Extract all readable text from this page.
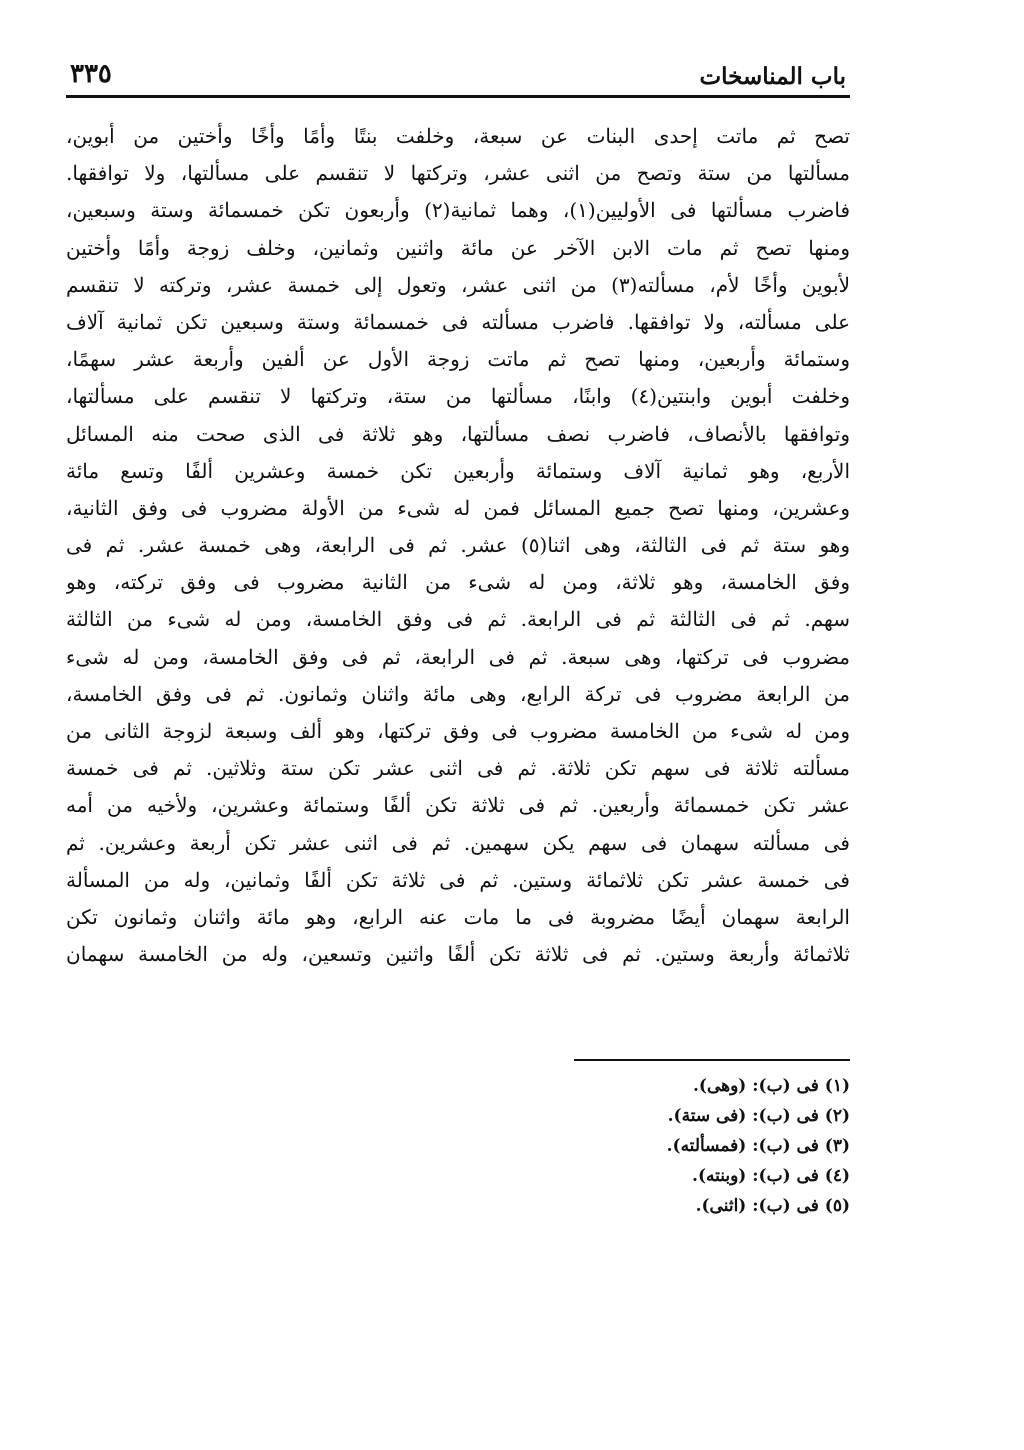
باب المناسخات
٣٣٥
تصح ثم ماتت إحدى البنات عن سبعة، وخلفت بنتًا وأمًا وأخًا وأختين من أبوين،
مسألتها من ستة وتصح من اثنى عشر، وتركتها لا تنقسم على مسألتها، ولا توافقها.
فاضرب مسألتها فى الأوليين(١)، وهما ثمانية(٢) وأربعون تكن خمسمائة وستة وسبعين،
ومنها تصح ثم مات الابن الآخر عن مائة واثنين وثمانين، وخلف زوجة وأمًا وأختين
لأبوين وأخًا لأم، مسألته(٣) من اثنى عشر، وتعول إلى خمسة عشر، وتركته لا تنقسم
على مسألته، ولا توافقها. فاضرب مسألته فى خمسمائة وستة وسبعين تكن ثمانية آلاف
وستمائة وأربعين، ومنها تصح ثم ماتت زوجة الأول عن ألفين وأربعة عشر سهمًا،
وخلفت أبوين وابنتين(٤) وابنًا، مسألتها من ستة، وتركتها لا تنقسم على مسألتها،
وتوافقها بالأنصاف، فاضرب نصف مسألتها، وهو ثلاثة فى الذى صحت منه المسائل
الأربع، وهو ثمانية آلاف وستمائة وأربعين تكن خمسة وعشرين ألفًا وتسع مائة
وعشرين، ومنها تصح جميع المسائل فمن له شىء من الأولة مضروب فى وفق الثانية،
وهو ستة ثم فى الثالثة، وهى اثنا(٥) عشر. ثم فى الرابعة، وهى خمسة عشر. ثم فى
وفق الخامسة، وهو ثلاثة، ومن له شىء من الثانية مضروب فى وفق تركته، وهو
سهم. ثم فى الثالثة ثم فى الرابعة. ثم فى وفق الخامسة، ومن له شىء من الثالثة
مضروب فى تركتها، وهى سبعة. ثم فى الرابعة، ثم فى وفق الخامسة، ومن له شىء
من الرابعة مضروب فى تركة الرابع، وهى مائة واثنان وثمانون. ثم فى وفق الخامسة،
ومن له شىء من الخامسة مضروب فى وفق تركتها، وهو ألف وسبعة لزوجة الثانى من
مسألته ثلاثة فى سهم تكن ثلاثة. ثم فى اثنى عشر تكن ستة وثلاثين. ثم فى خمسة
عشر تكن خمسمائة وأربعين. ثم فى ثلاثة تكن ألفًا وستمائة وعشرين، ولأخيه من أمه
فى مسألته سهمان فى سهم يكن سهمين. ثم فى اثنى عشر تكن أربعة وعشرين. ثم
فى خمسة عشر تكن ثلاثمائة وستين. ثم فى ثلاثة تكن ألفًا وثمانين، وله من المسألة
الرابعة سهمان أيضًا مضروبة فى ما مات عنه الرابع، وهو مائة واثنان وثمانون تكن
ثلاثمائة وأربعة وستين. ثم فى ثلاثة تكن ألفًا واثنين وتسعين، وله من الخامسة سهمان
(١) فى (ب): (وهى).
(٢) فى (ب): (فى ستة).
(٣) فى (ب): (فمسألته).
(٤) فى (ب): (وبنته).
(٥) فى (ب): (اثنى).
